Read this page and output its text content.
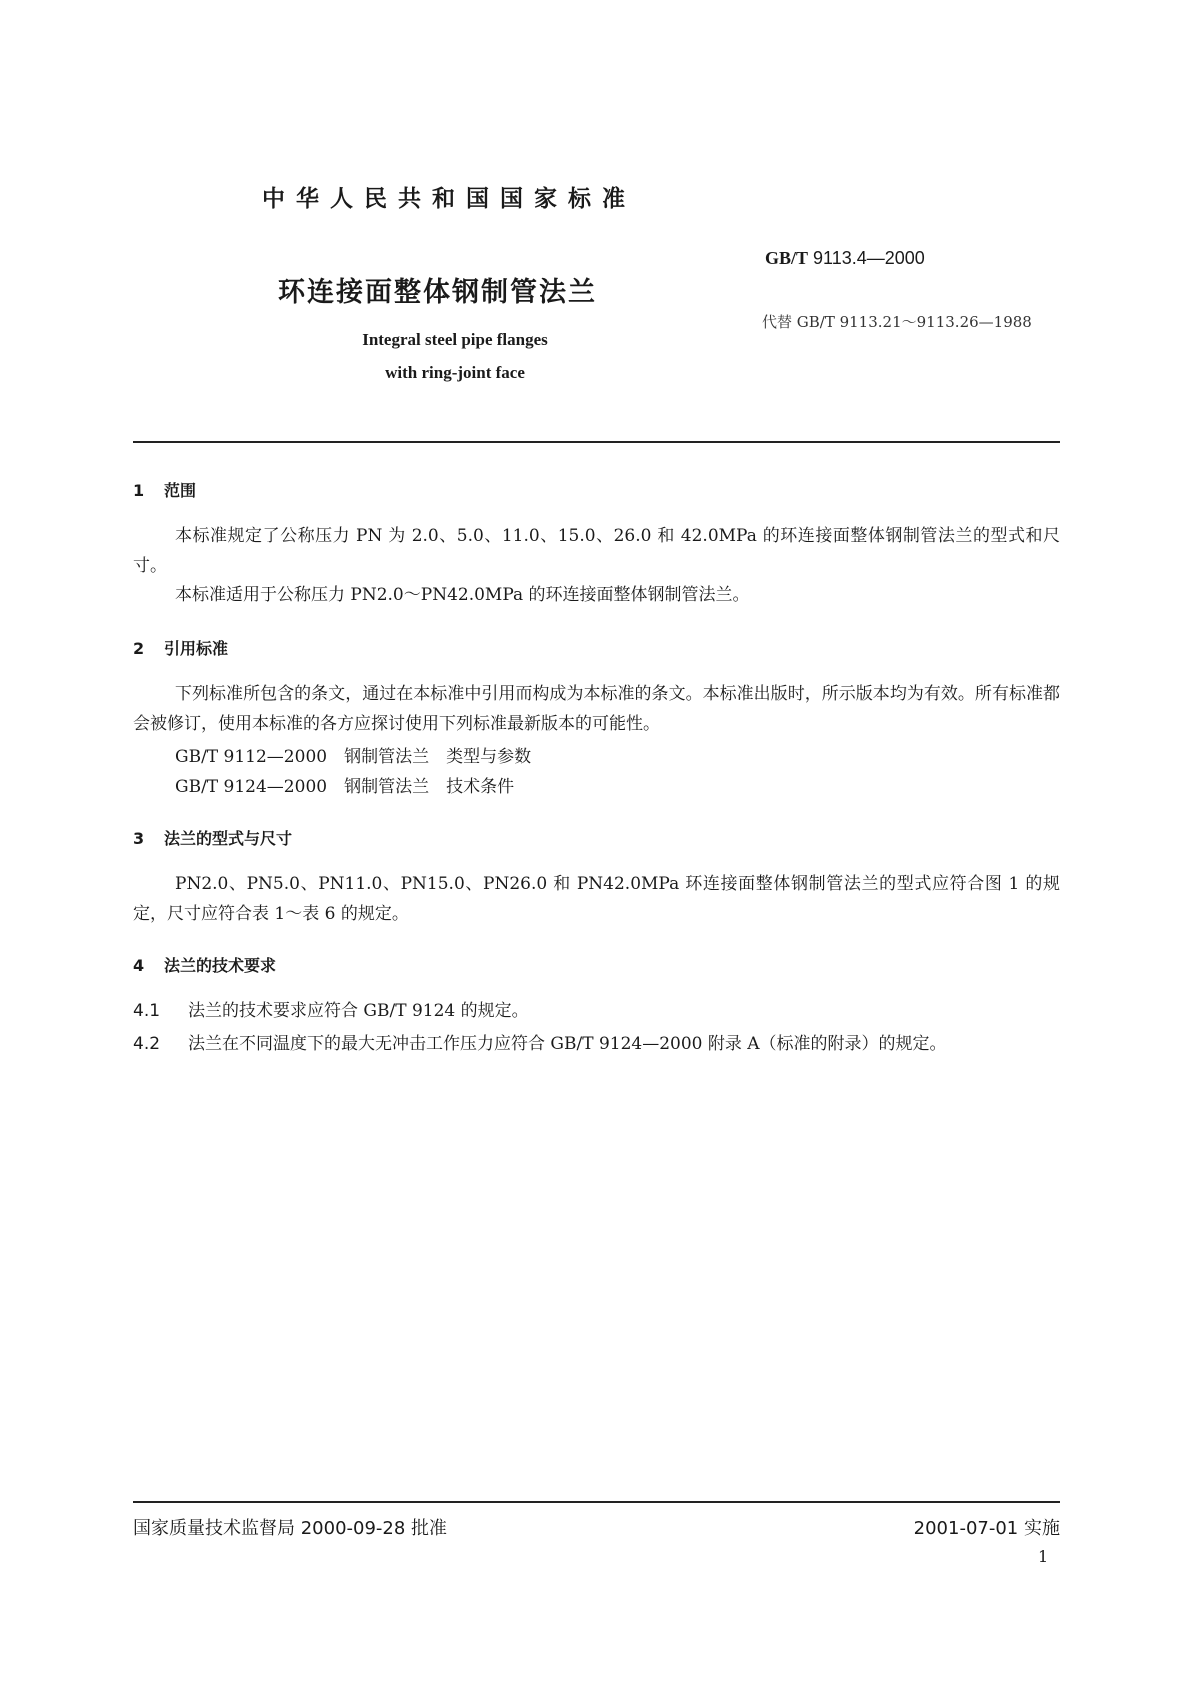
中华人民共和国国家标准
GB/T 9113.4—2000
环连接面整体钢制管法兰
代替 GB/T 9113.21～9113.26—1988
Integral steel pipe flanges
with ring-joint face
1 范围
本标准规定了公称压力 PN 为 2.0、5.0、11.0、15.0、26.0 和 42.0MPa 的环连接面整体钢制管法兰的型式和尺寸。
本标准适用于公称压力 PN2.0～PN42.0MPa 的环连接面整体钢制管法兰。
2 引用标准
下列标准所包含的条文，通过在本标准中引用而构成为本标准的条文。本标准出版时，所示版本均为有效。所有标准都会被修订，使用本标准的各方应探讨使用下列标准最新版本的可能性。
GB/T 9112—2000　 钢制管法兰　 类型与参数
GB/T 9124—2000　 钢制管法兰　 技术条件
3 法兰的型式与尺寸
PN2.0、PN5.0、PN11.0、PN15.0、PN26.0 和 PN42.0MPa 环连接面整体钢制管法兰的型式应符合图 1 的规定，尺寸应符合表 1～表 6 的规定。
4 法兰的技术要求
4.1 法兰的技术要求应符合 GB/T 9124 的规定。
4.2 法兰在不同温度下的最大无冲击工作压力应符合 GB/T 9124—2000 附录 A（标准的附录）的规定。
国家质量技术监督局 2000-09-28 批准	2001-07-01 实施
1
